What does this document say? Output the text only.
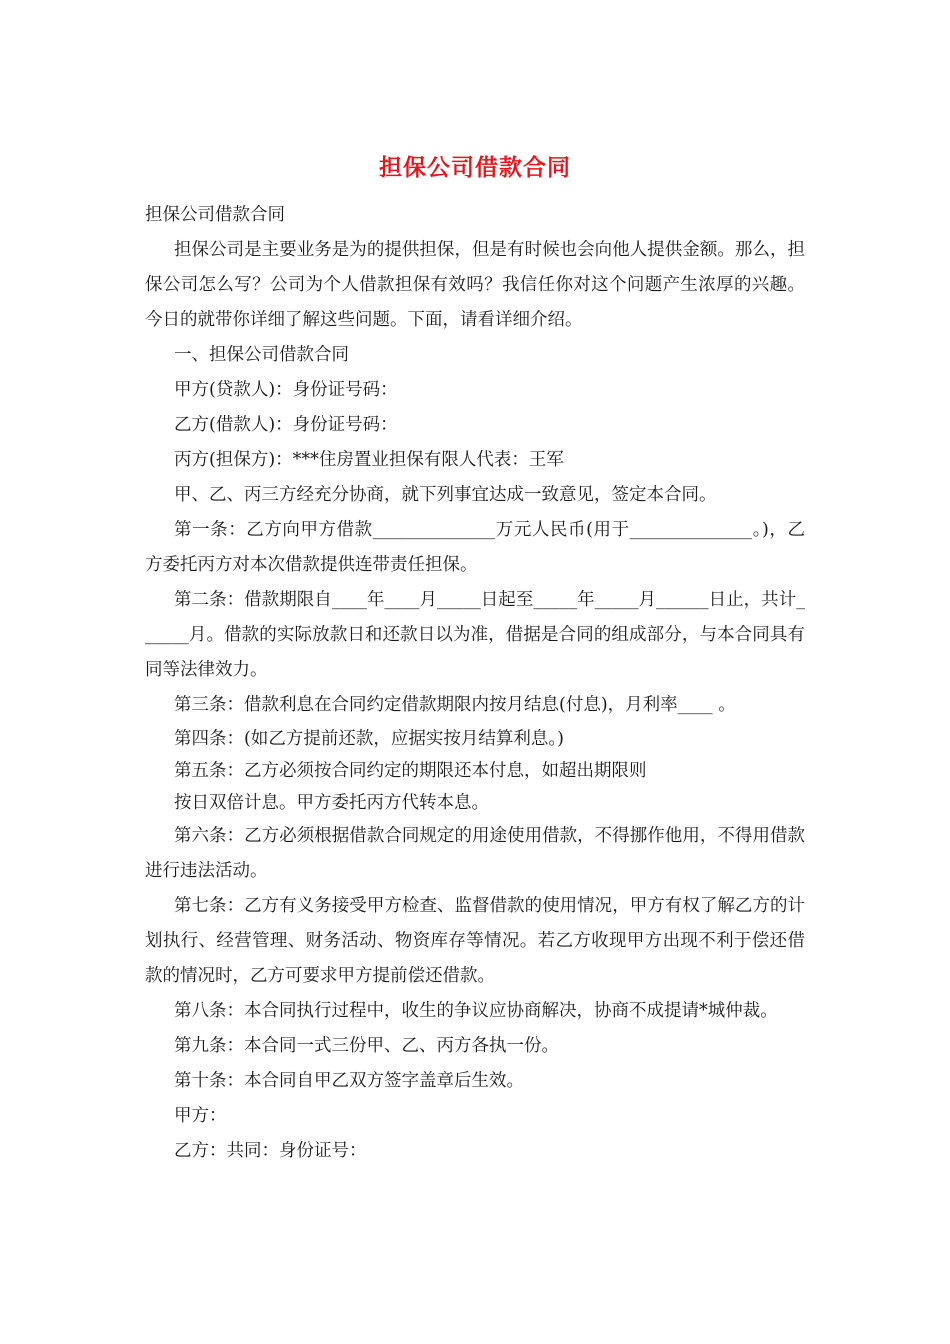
担保公司借款合同

担保公司借款合同

担保公司是主要业务是为的提供担保，但是有时候也会向他人提供金额。那么，担保公司怎么写？公司为个人借款担保有效吗？我信任你对这个问题产生浓厚的兴趣。今日的就带你详细了解这些问题。下面，请看详细介绍。

一、担保公司借款合同

甲方(贷款人)：身份证号码：

乙方(借款人)：身份证号码：

丙方(担保方)：***住房置业担保有限人代表：王军

甲、乙、丙三方经充分协商，就下列事宜达成一致意见，签定本合同。

第一条：乙方向甲方借款______________万元人民币(用于______________。)，乙方委托丙方对本次借款提供连带责任担保。

第二条：借款期限自____年____月_____日起至_____年_____月______日止，共计______月。借款的实际放款日和还款日以为准，借据是合同的组成部分，与本合同具有同等法律效力。

第三条：借款利息在合同约定借款期限内按月结息(付息)，月利率____ 。

第四条：(如乙方提前还款，应据实按月结算利息。)

第五条：乙方必须按合同约定的期限还本付息，如超出期限则

按日双倍计息。甲方委托丙方代转本息。

第六条：乙方必须根据借款合同规定的用途使用借款，不得挪作他用，不得用借款进行违法活动。

第七条：乙方有义务接受甲方检查、监督借款的使用情况，甲方有权了解乙方的计划执行、经营管理、财务活动、物资库存等情况。若乙方收现甲方出现不利于偿还借款的情况时，乙方可要求甲方提前偿还借款。

第八条：本合同执行过程中，收生的争议应协商解决，协商不成提请*城仲裁。

第九条：本合同一式三份甲、乙、丙方各执一份。

第十条：本合同自甲乙双方签字盖章后生效。

甲方：

乙方：共同：身份证号：
